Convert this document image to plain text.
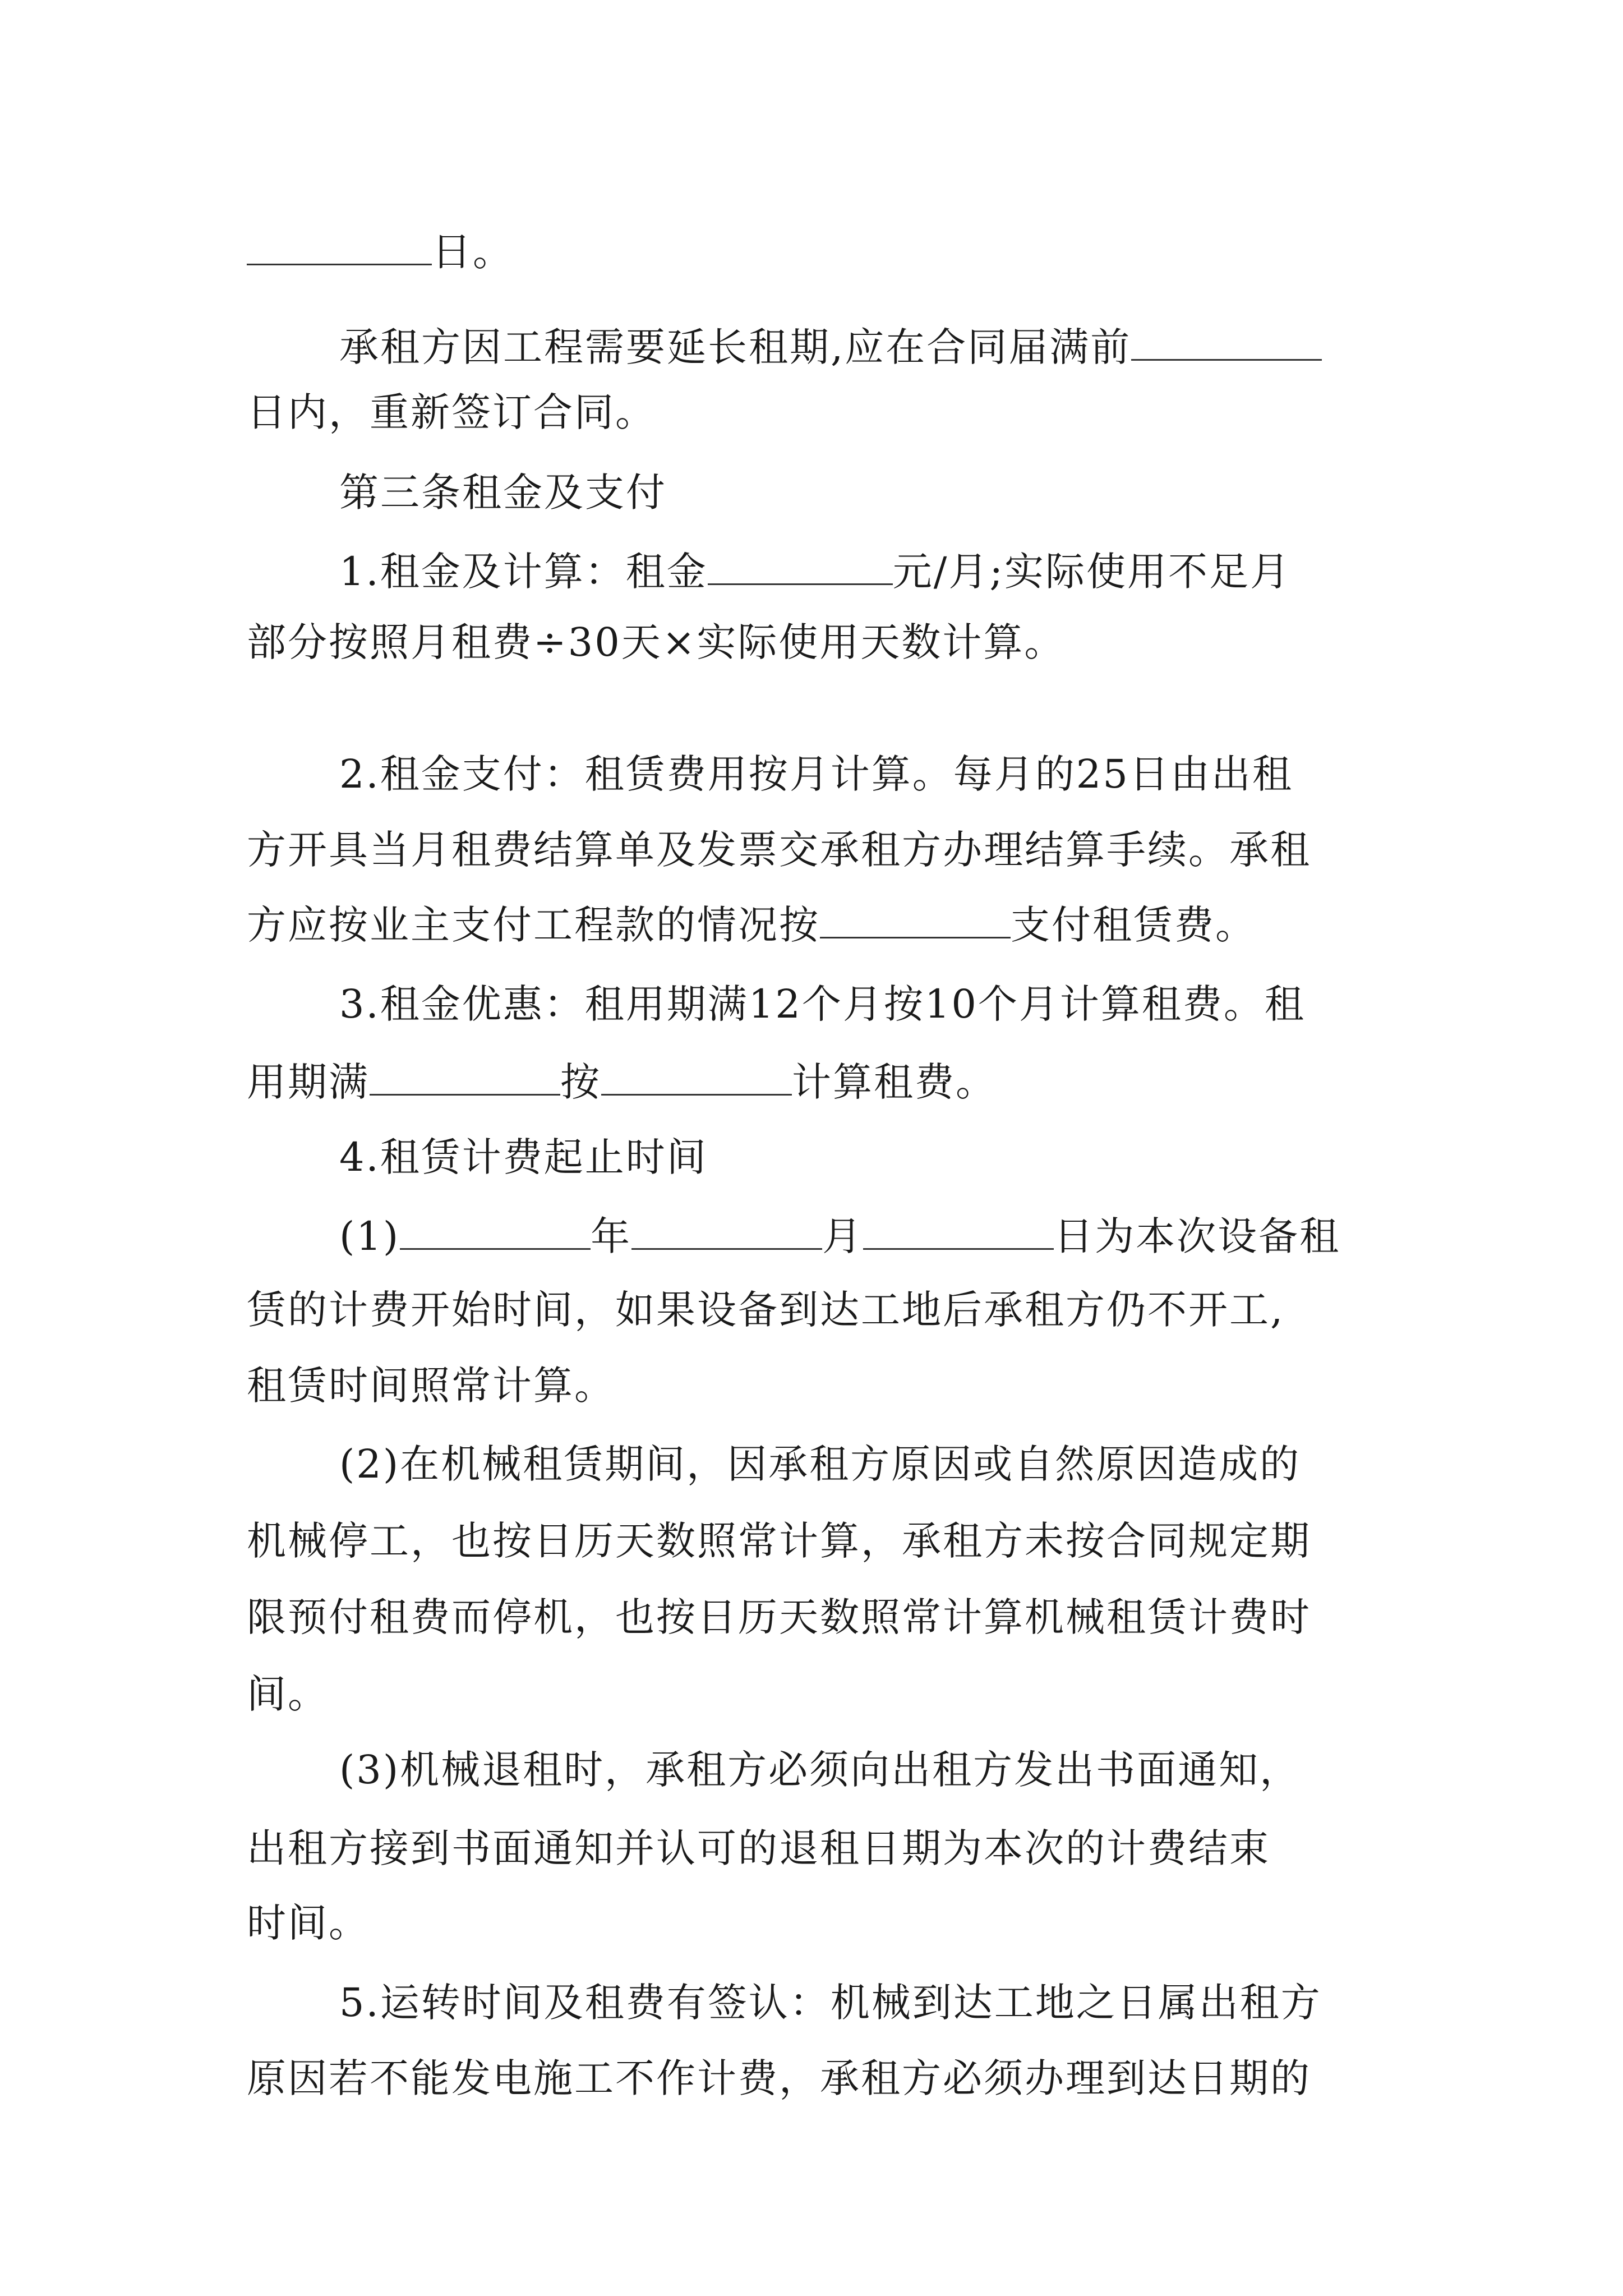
日。
承租方因工程需要延长租期,应在合同届满前
日内，重新签订合同。
第三条租金及支付
1.租金及计算：租金	元/月;实际使用不足月
部分按照月租费÷30天×实际使用天数计算。
2.租金支付：租赁费用按月计算。每月的25日由出租
方开具当月租费结算单及发票交承租方办理结算手续。承租
方应按业主支付工程款的情况按	支付租赁费。
3.租金优惠：租用期满12个月按10个月计算租费。租
用期满	按	计算租费。
4.租赁计费起止时间
(1)	年	月	日为本次设备租
赁的计费开始时间，如果设备到达工地后承租方仍不开工,
租赁时间照常计算。
(2)在机械租赁期间，因承租方原因或自然原因造成的
机械停工，也按日历天数照常计算，承租方未按合同规定期
限预付租费而停机，也按日历天数照常计算机械租赁计费时
间。
(3)机械退租时，承租方必须向出租方发出书面通知，
出租方接到书面通知并认可的退租日期为本次的计费结束
时间。
5.运转时间及租费有签认：机械到达工地之日属出租方
原因若不能发电施工不作计费，承租方必须办理到达日期的
